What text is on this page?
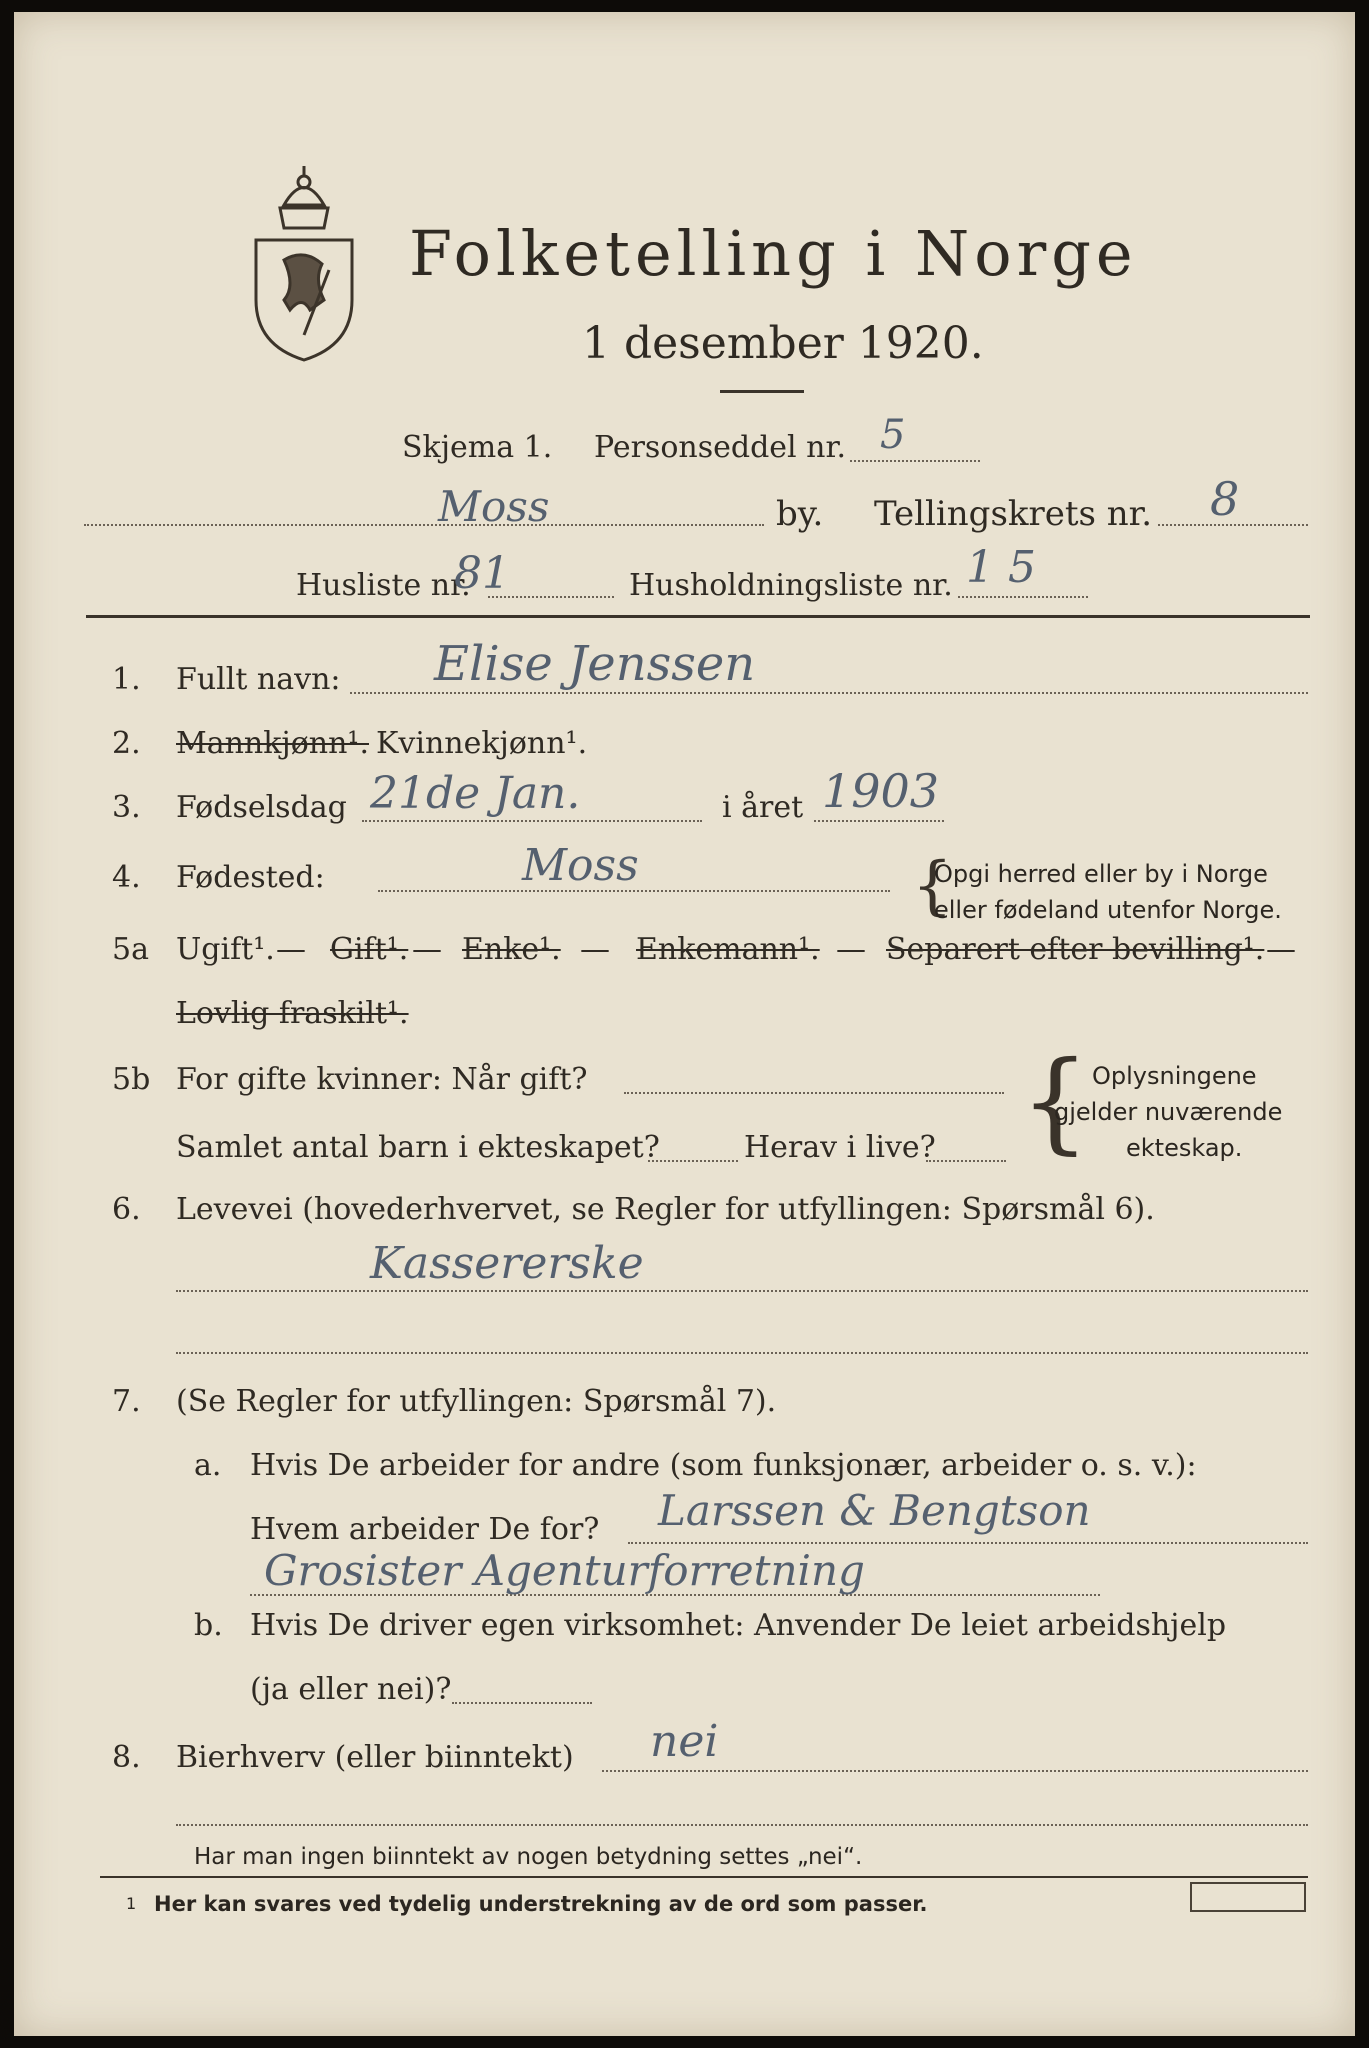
Folketelling i Norge
1 desember 1920.
Skjema 1. Personseddel nr. 5
Moss	by. Tellingskrets nr. 8
Husliste nr.
81	Husholdningsliste nr. 1 5
1. Fullt navn: Elise Jenssen
2. Mannkjønn¹. Kvinnekjønn¹.
3. Fødselsdag 21de Jan.	i året 1903
4. Fødested:	Moss	{
Opgi herred eller by i Norge
eller fødeland utenfor Norge.
5a Ugift¹. — Gift¹. — Enke¹. — Enkemann¹. — Separert efter bevilling¹. —
Lovlig fraskilt¹.
5b For gifte kvinner: Når gift?
Samlet antal barn i ekteskapet?	Herav i live? { Oplysningene
gjelder nuværende
ekteskap.
6. Levevei (hovederhvervet, se Regler for utfyllingen: Spørsmål 6).
Kassererske
7. (Se Regler for utfyllingen: Spørsmål 7).
a. Hvis De arbeider for andre (som funksjonær, arbeider o. s. v.):
Hvem arbeider De for? Larssen & Bengtson
Grosister Agenturforretning
b. Hvis De driver egen virksomhet: Anvender De leiet arbeidshjelp
(ja eller nei)?
8. Bierhverv (eller biinntekt) nei
Har man ingen biinntekt av nogen betydning settes „nei“.
1 Her kan svares ved tydelig understrekning av de ord som passer.
